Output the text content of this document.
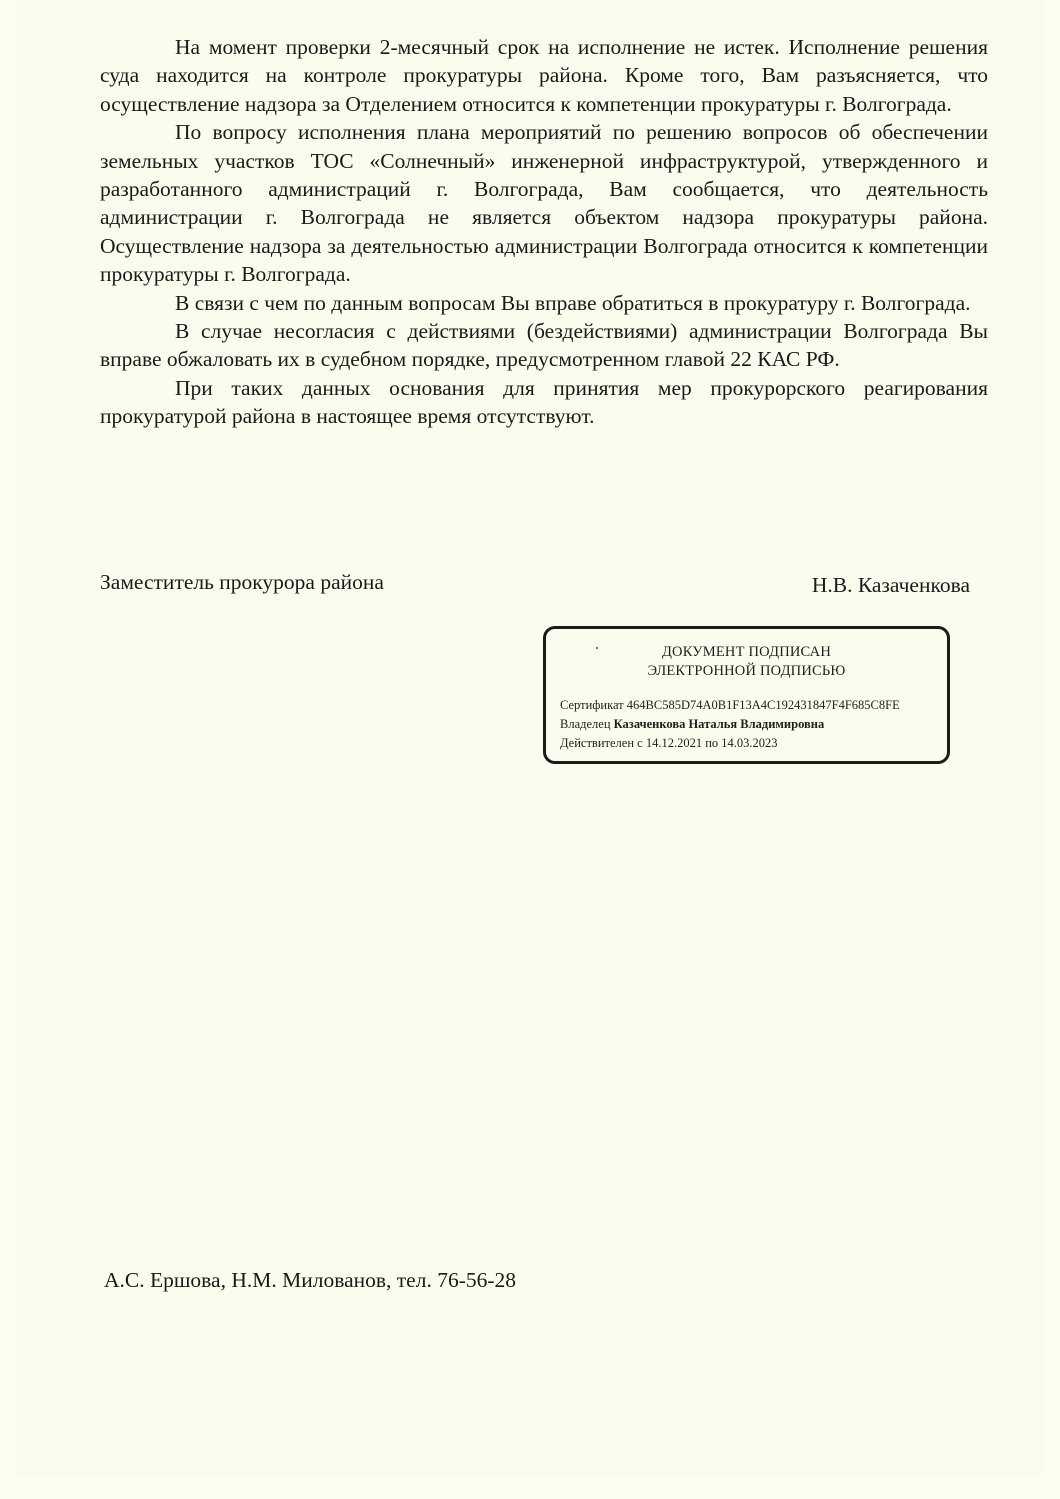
На момент проверки 2-месячный срок на исполнение не истек. Исполнение решения суда находится на контроле прокуратуры района. Кроме того, Вам разъясняется, что осуществление надзора за Отделением относится к компетенции прокуратуры г. Волгограда.

По вопросу исполнения плана мероприятий по решению вопросов об обеспечении земельных участков ТОС «Солнечный» инженерной инфраструктурой, утвержденного и разработанного администраций г. Волгограда, Вам сообщается, что деятельность администрации г. Волгограда не является объектом надзора прокуратуры района. Осуществление надзора за деятельностью администрации Волгограда относится к компетенции прокуратуры г. Волгограда.

В связи с чем по данным вопросам Вы вправе обратиться в прокуратуру г. Волгограда.

В случае несогласия с действиями (бездействиями) администрации Волгограда Вы вправе обжаловать их в судебном порядке, предусмотренном главой 22 КАС РФ.

При таких данных основания для принятия мер прокурорского реагирования прокуратурой района в настоящее время отсутствуют.

Заместитель прокурора района	Н.В. Казаченкова
ДОКУМЕНТ ПОДПИСАН
ЭЛЕКТРОННОЙ ПОДПИСЬЮ
Сертификат 464BC585D74A0B1F13A4C192431847F4F685C8FE
Владелец Казаченкова Наталья Владимировна
Действителен с 14.12.2021 по 14.03.2023
А.С. Ершова, Н.М. Милованов, тел. 76-56-28
